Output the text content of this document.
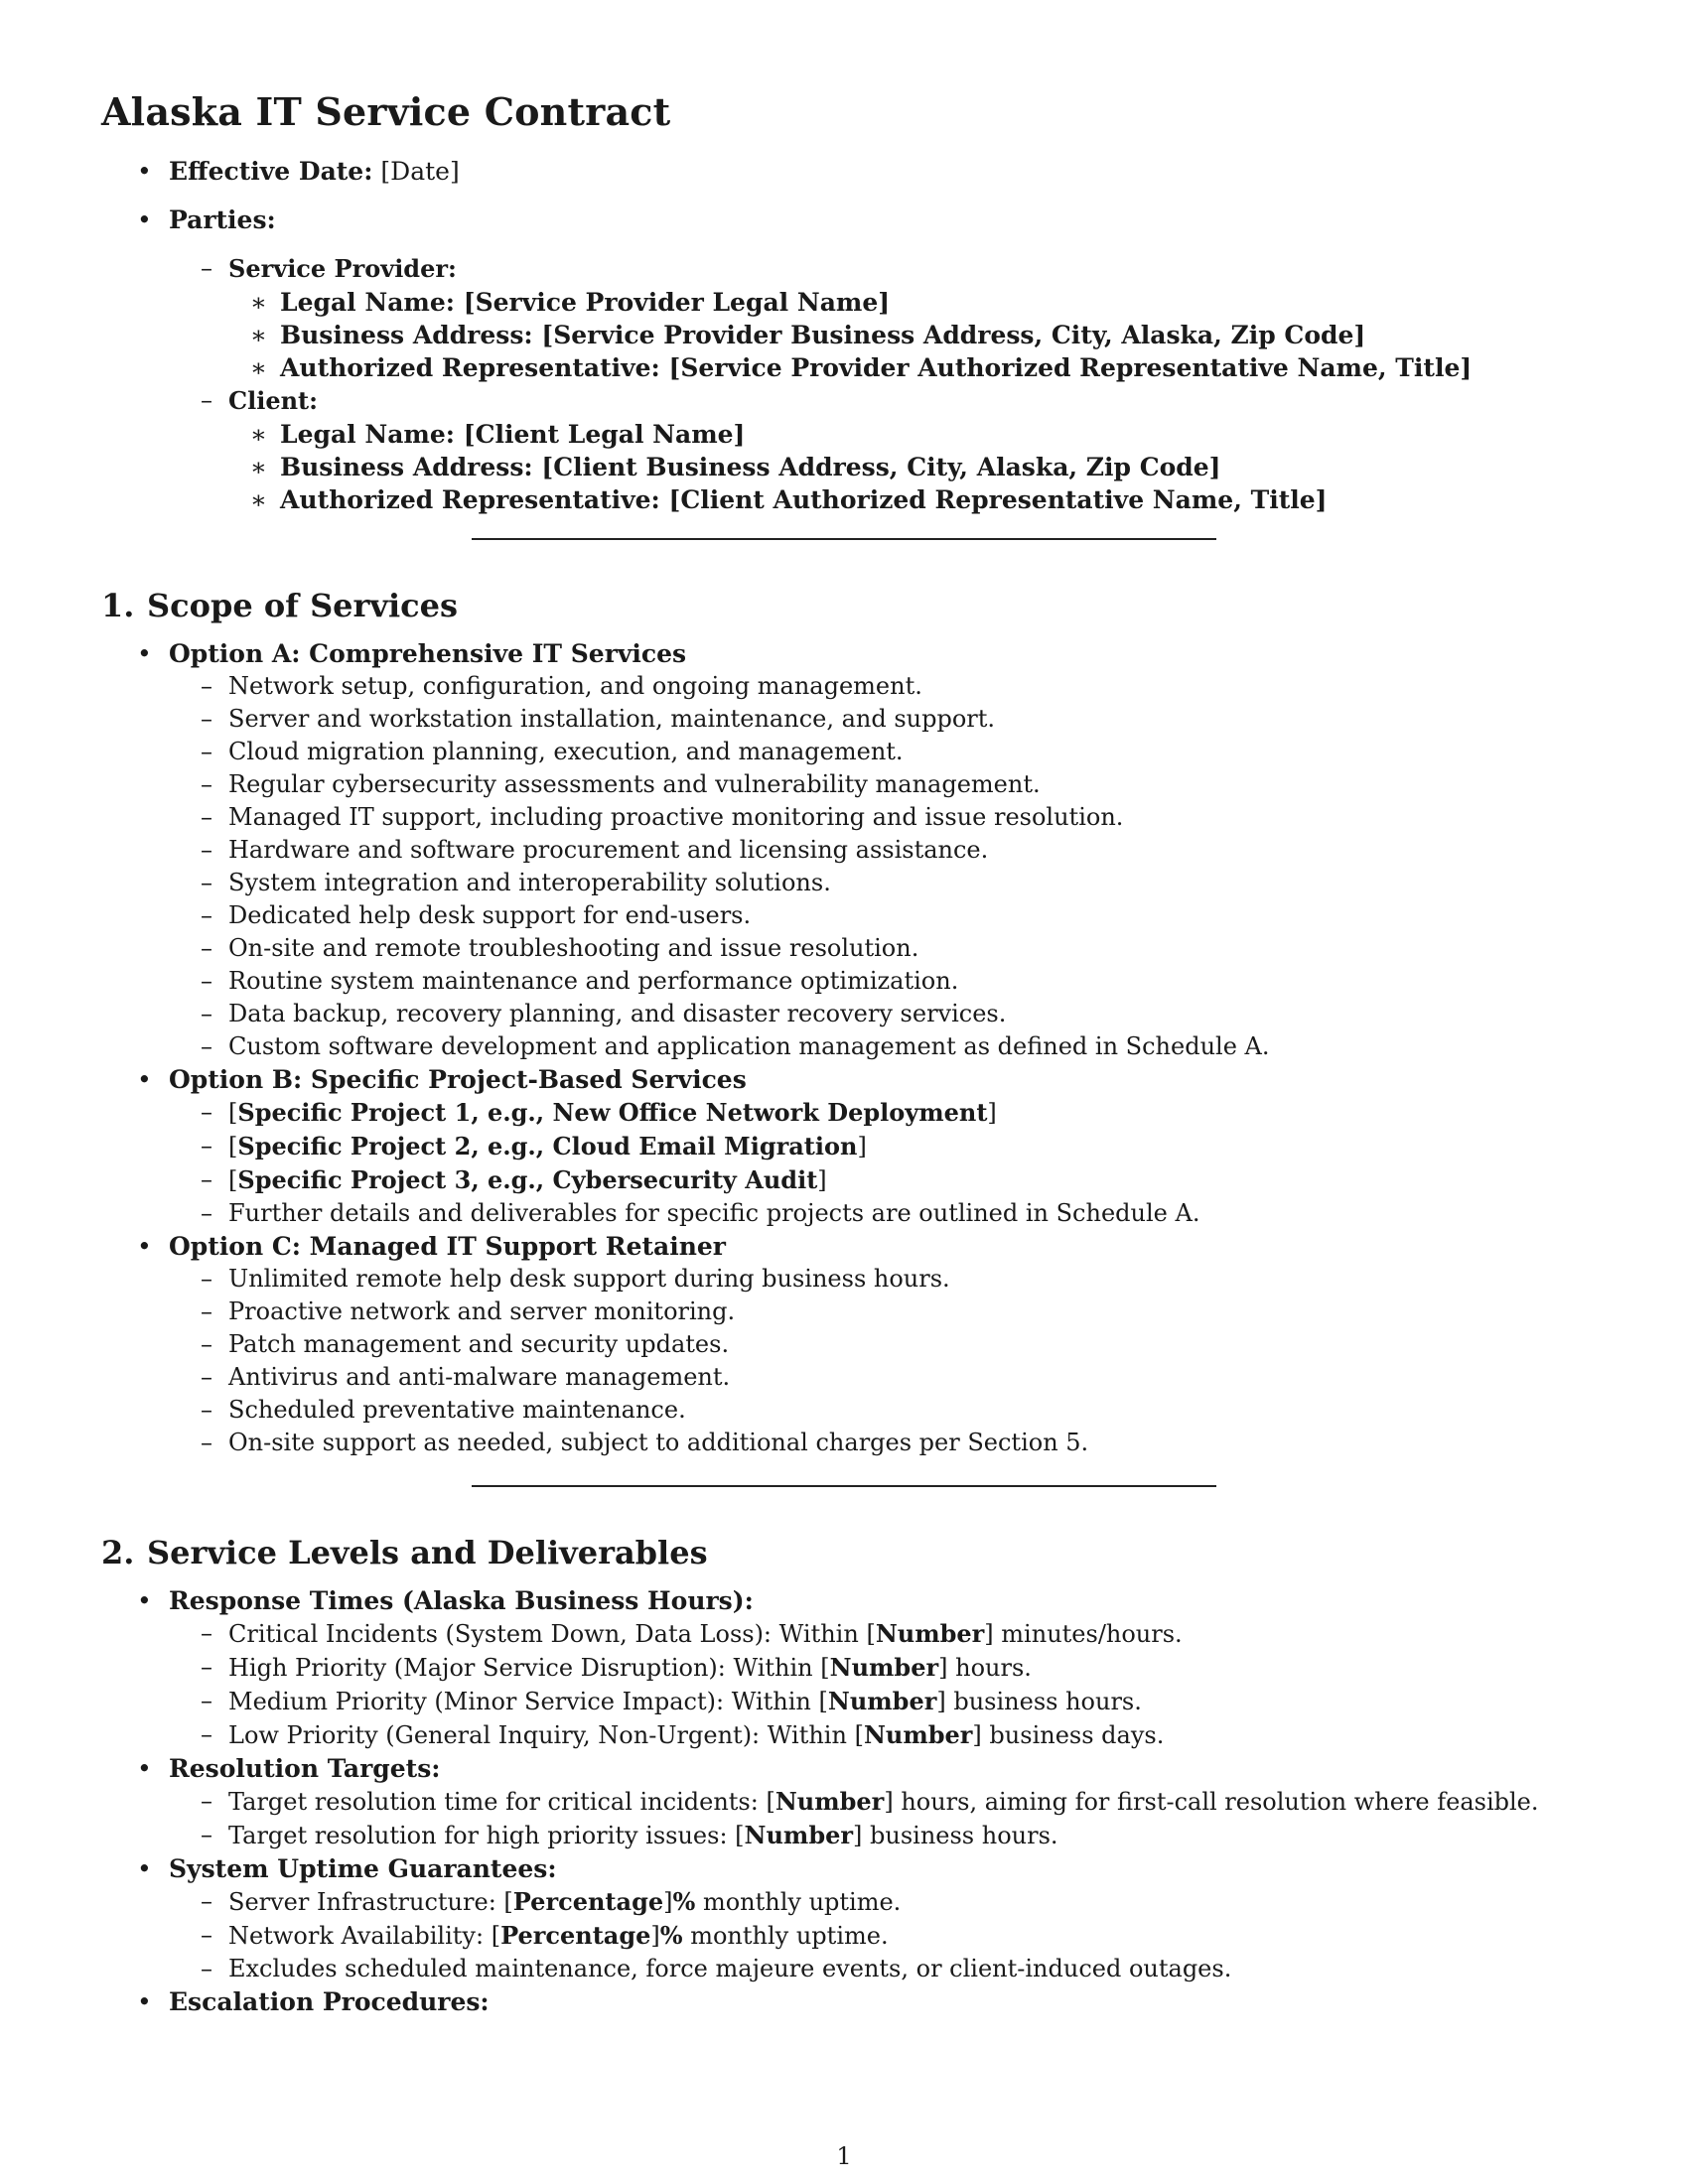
Alaska IT Service Contract
• Effective Date: [Date]
• Parties:
– Service Provider:
∗ Legal Name: [Service Provider Legal Name]
∗ Business Address: [Service Provider Business Address, City, Alaska, Zip Code]
∗ Authorized Representative: [Service Provider Authorized Representative Name, Title]
– Client:
∗ Legal Name: [Client Legal Name]
∗ Business Address: [Client Business Address, City, Alaska, Zip Code]
∗ Authorized Representative: [Client Authorized Representative Name, Title]
1. Scope of Services
• Option A: Comprehensive IT Services
– Network setup, configuration, and ongoing management.
– Server and workstation installation, maintenance, and support.
– Cloud migration planning, execution, and management.
– Regular cybersecurity assessments and vulnerability management.
– Managed IT support, including proactive monitoring and issue resolution.
– Hardware and software procurement and licensing assistance.
– System integration and interoperability solutions.
– Dedicated help desk support for end-users.
– On-site and remote troubleshooting and issue resolution.
– Routine system maintenance and performance optimization.
– Data backup, recovery planning, and disaster recovery services.
– Custom software development and application management as defined in Schedule A.
• Option B: Specific Project-Based Services
– [Specific Project 1, e.g., New Office Network Deployment]
– [Specific Project 2, e.g., Cloud Email Migration]
– [Specific Project 3, e.g., Cybersecurity Audit]
– Further details and deliverables for specific projects are outlined in Schedule A.
• Option C: Managed IT Support Retainer
– Unlimited remote help desk support during business hours.
– Proactive network and server monitoring.
– Patch management and security updates.
– Antivirus and anti-malware management.
– Scheduled preventative maintenance.
– On-site support as needed, subject to additional charges per Section 5.
2. Service Levels and Deliverables
• Response Times (Alaska Business Hours):
– Critical Incidents (System Down, Data Loss): Within [Number] minutes/hours.
– High Priority (Major Service Disruption): Within [Number] hours.
– Medium Priority (Minor Service Impact): Within [Number] business hours.
– Low Priority (General Inquiry, Non-Urgent): Within [Number] business days.
• Resolution Targets:
– Target resolution time for critical incidents: [Number] hours, aiming for first-call resolution where feasible.
– Target resolution for high priority issues: [Number] business hours.
• System Uptime Guarantees:
– Server Infrastructure: [Percentage]% monthly uptime.
– Network Availability: [Percentage]% monthly uptime.
– Excludes scheduled maintenance, force majeure events, or client-induced outages.
• Escalation Procedures:
1
